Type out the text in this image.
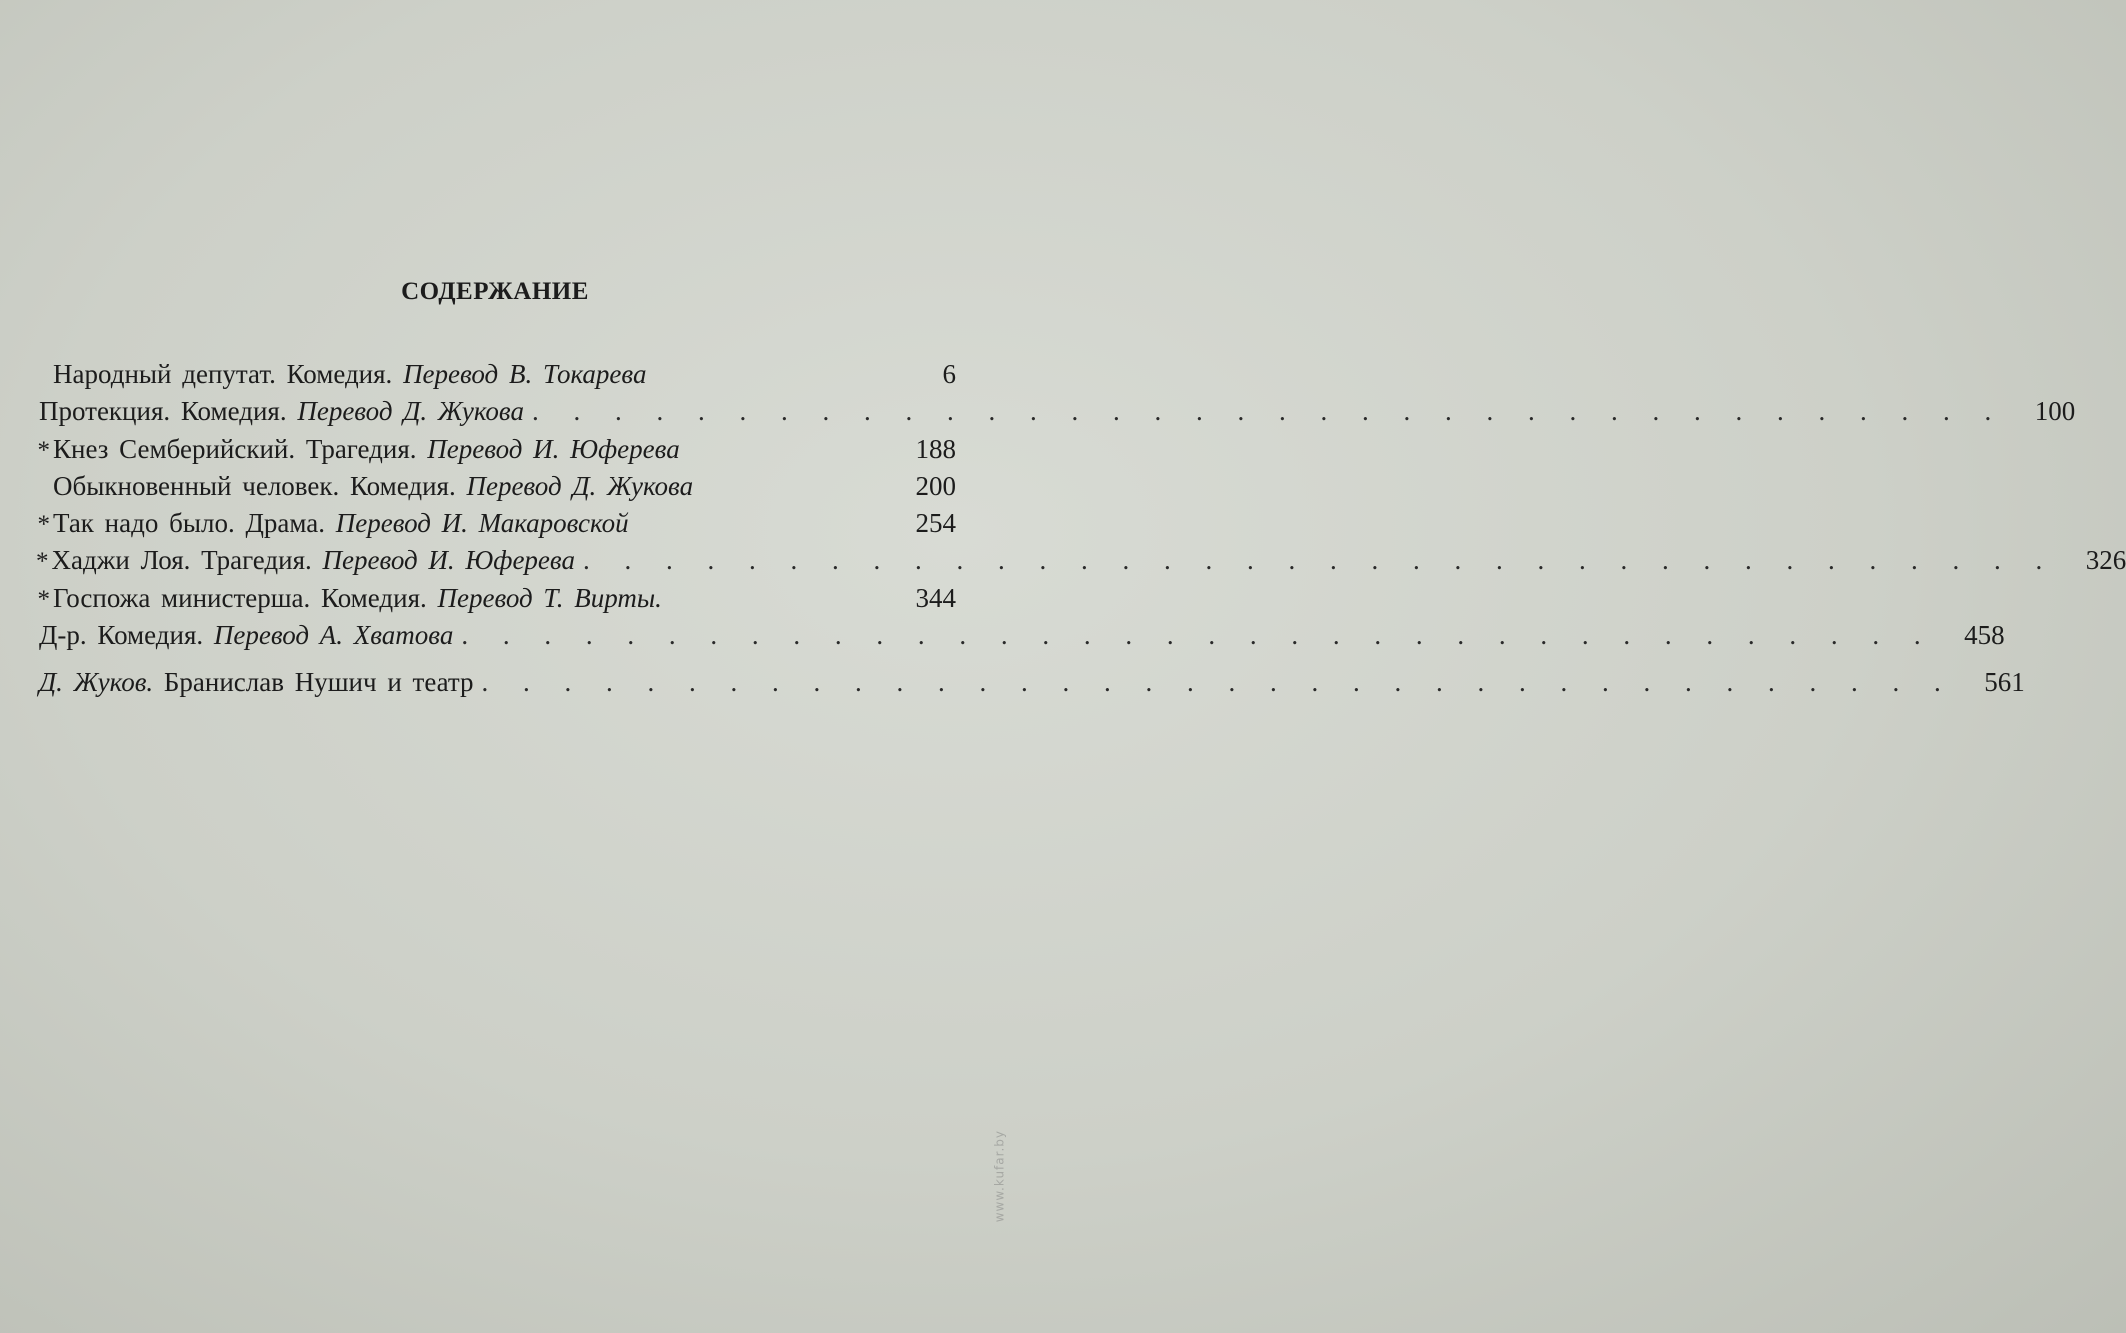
СОДЕРЖАНИЕ
Народный депутат. Комедия. Перевод В. Токарева	6
Протекция. Комедия. Перевод Д. Жукова . . .	100
* Кнез Семберийский. Трагедия. Перевод И. Юферева	188
Обыкновенный человек. Комедия. Перевод Д. Жукова	200
* Так надо было. Драма. Перевод И. Макаровской	254
* Хаджи Лоя. Трагедия. Перевод И. Юферева . . .	326
* Госпожа министерша. Комедия. Перевод Т. Вирты.	344
Д-р. Комедия. Перевод А. Хватова . . .	458
Д. Жуков. Бранислав Нушич и театр . . .	561
www.kufar.by
